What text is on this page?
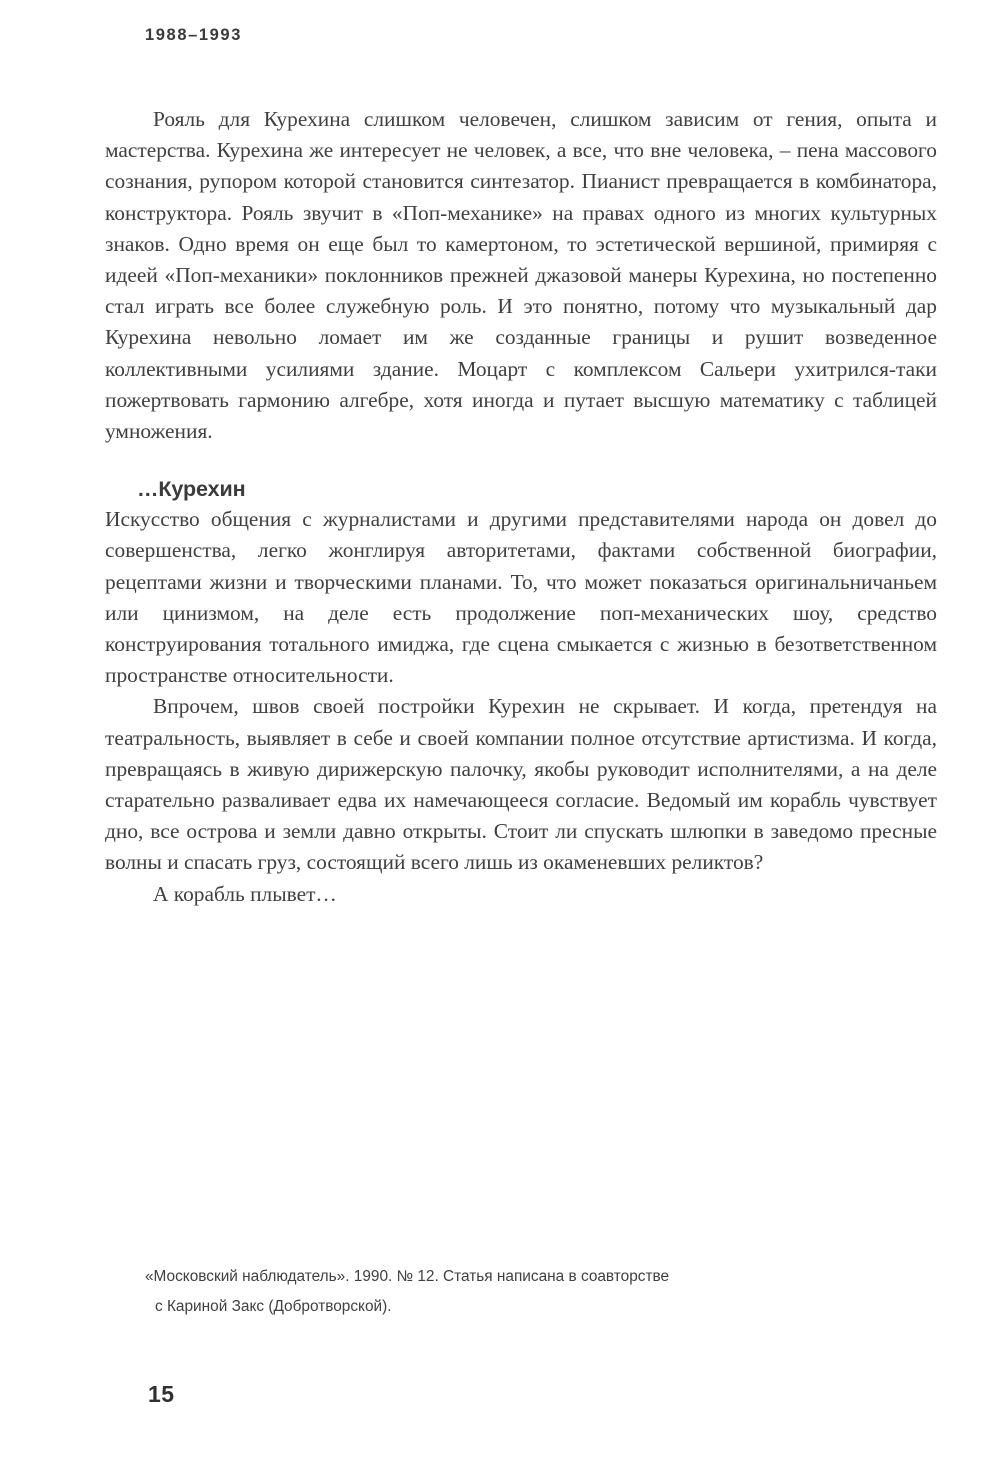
1988–1993

Рояль для Курехина слишком человечен, слишком зависим от гения, опыта и мастерства. Курехина же интересует не человек, а все, что вне человека, – пена массового сознания, рупором которой становится синтезатор. Пианист превращается в комбинатора, конструктора. Рояль звучит в «Поп-механике» на правах одного из многих культурных знаков. Одно время он еще был то камертоном, то эстетической вершиной, примиряя с идеей «Поп-механики» поклонников прежней джазовой манеры Курехина, но постепенно стал играть все более служебную роль. И это понятно, потому что музыкальный дар Курехина невольно ломает им же созданные границы и рушит возведенное коллективными усилиями здание. Моцарт с комплексом Сальери ухитрился-таки пожертвовать гармонию алгебре, хотя иногда и путает высшую математику с таблицей умножения.

…Курехин

Искусство общения с журналистами и другими представителями народа он довел до совершенства, легко жонглируя авторитетами, фактами собственной биографии, рецептами жизни и творческими планами. То, что может показаться оригинальничаньем или цинизмом, на деле есть продолжение поп-механических шоу, средство конструирования тотального имиджа, где сцена смыкается с жизнью в безответственном пространстве относительности.

Впрочем, швов своей постройки Курехин не скрывает. И когда, претендуя на театральность, выявляет в себе и своей компании полное отсутствие артистизма. И когда, превращаясь в живую дирижерскую палочку, якобы руководит исполнителями, а на деле старательно разваливает едва их намечающееся согласие. Ведомый им корабль чувствует дно, все острова и земли давно открыты. Стоит ли спускать шлюпки в заведомо пресные волны и спасать груз, состоящий всего лишь из окаменевших реликтов?

А корабль плывет…

«Московский наблюдатель». 1990. № 12. Статья написана в соавторстве
с Кариной Закс (Добротворской).
15
